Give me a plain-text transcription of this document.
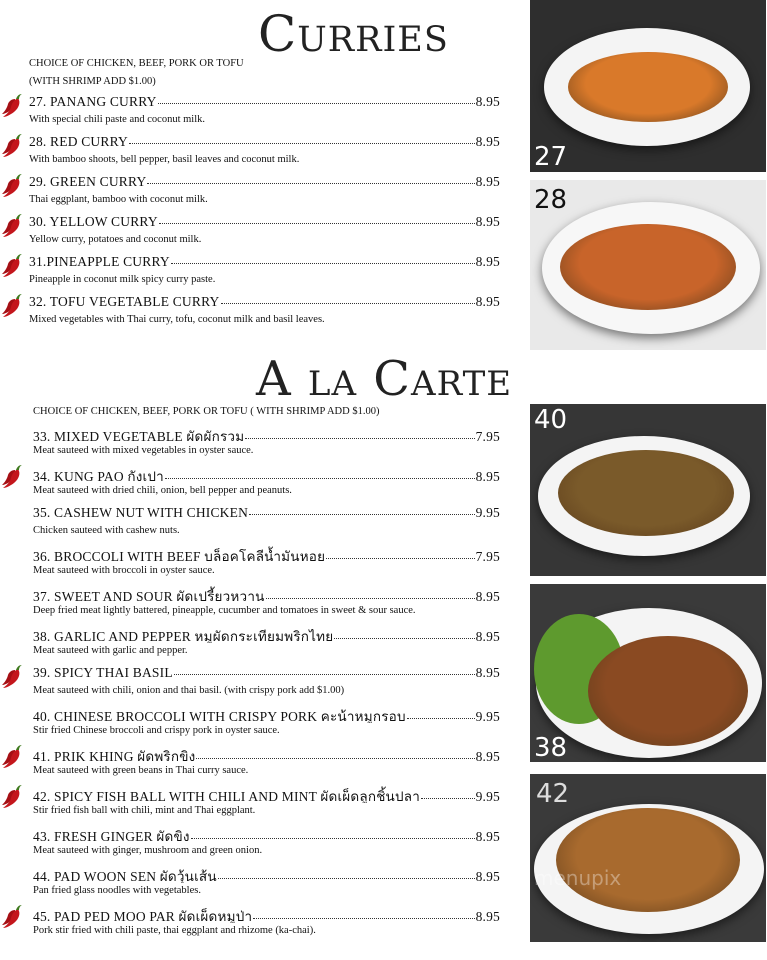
Curries
CHOICE OF CHICKEN, BEEF, PORK OR TOFU
(WITH SHRIMP ADD $1.00)
27. PANANG CURRY	8.95
With special chili paste and coconut milk.
28. RED CURRY	8.95
With bamboo shoots, bell pepper, basil leaves and coconut milk.
29. GREEN CURRY	8.95
Thai eggplant, bamboo with coconut milk.
30. YELLOW CURRY	8.95
Yellow curry, potatoes and coconut milk.
31.PINEAPPLE CURRY	8.95
Pineapple in coconut milk spicy curry paste.
32. TOFU VEGETABLE CURRY	8.95
Mixed vegetables with Thai curry, tofu, coconut milk and basil leaves.
A la Carte
CHOICE OF CHICKEN, BEEF, PORK OR TOFU ( WITH SHRIMP ADD $1.00)
33. MIXED VEGETABLE ผัดผักรวม	7.95
Meat sauteed with mixed vegetables in oyster sauce.
34. KUNG PAO กังเปา	8.95
Meat sauteed with dried chili, onion, bell pepper and peanuts.
35. CASHEW NUT WITH CHICKEN	9.95
Chicken sauteed with cashew nuts.
36. BROCCOLI WITH BEEF บล็อคโคลีน้ำมันหอย	7.95
Meat sauteed with broccoli in oyster sauce.
37. SWEET AND SOUR ผัดเปรี้ยวหวาน	8.95
Deep fried meat lightly battered, pineapple, cucumber and tomatoes in sweet & sour sauce.
38. GARLIC AND PEPPER หมูผัดกระเทียมพริกไทย	8.95
Meat sauteed with garlic and pepper.
39. SPICY THAI BASIL	8.95
Meat sauteed with chili, onion and thai basil. (with crispy pork add $1.00)
40. CHINESE BROCCOLI WITH CRISPY PORK คะน้าหมูกรอบ	9.95
Stir fried Chinese broccoli and crispy pork in oyster sauce.
41. PRIK KHING ผัดพริกขิง	8.95
Meat sauteed with green beans in Thai curry sauce.
42. SPICY FISH BALL WITH CHILI AND MINT ผัดเผ็ดลูกชิ้นปลา	9.95
Stir fried fish ball with chili, mint and Thai eggplant.
43. FRESH GINGER ผัดขิง	8.95
Meat sauteed with ginger, mushroom and green onion.
44. PAD WOON SEN ผัดวุ้นเส้น	8.95
Pan fried glass noodles with vegetables.
45. PAD PED MOO PAR ผัดเผ็ดหมูป่า	8.95
Pork stir fried with chili paste, thai eggplant and rhizome (ka-chai).
27
28
40
38
42
menupix
